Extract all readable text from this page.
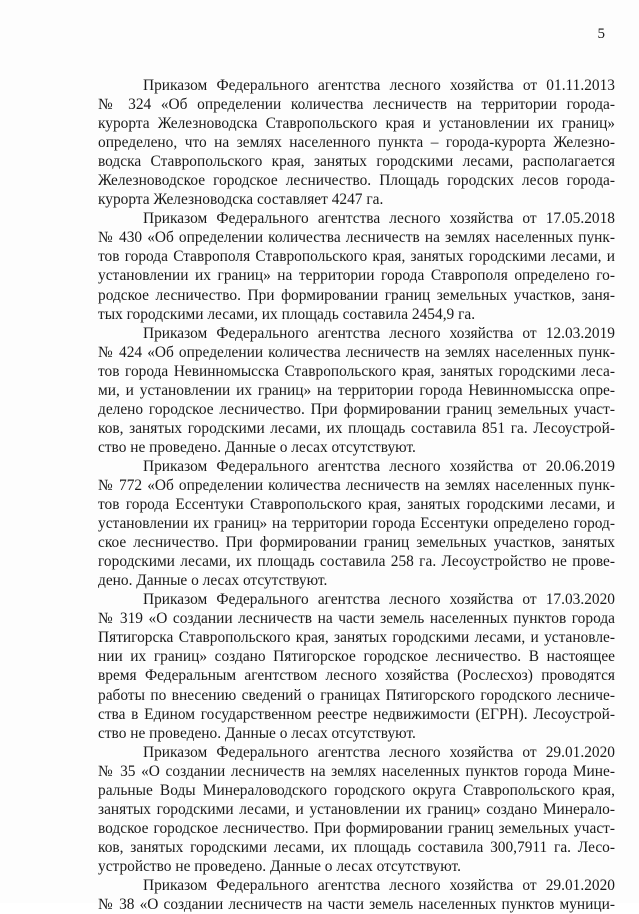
5
Приказом Федерального агентства лесного хозяйства от 01.11.2013
№ 324 «Об определении количества лесничеств на территории города-
курорта Железноводска Ставропольского края и установлении их границ»
определено, что на землях населенного пункта – города-курорта Железно-
водска Ставропольского края, занятых городскими лесами, располагается
Железноводское городское лесничество. Площадь городских лесов города-
курорта Железноводска составляет 4247 га.
Приказом Федерального агентства лесного хозяйства от 17.05.2018
№ 430 «Об определении количества лесничеств на землях населенных пунк-
тов города Ставрополя Ставропольского края, занятых городскими лесами, и
установлении их границ» на территории города Ставрополя определено го-
родское лесничество. При формировании границ земельных участков, заня-
тых городскими лесами, их площадь составила 2454,9 га.
Приказом Федерального агентства лесного хозяйства от 12.03.2019
№ 424 «Об определении количества лесничеств на землях населенных пунк-
тов города Невинномысска Ставропольского края, занятых городскими леса-
ми, и установлении их границ» на территории города Невинномысска опре-
делено городское лесничество. При формировании границ земельных участ-
ков, занятых городскими лесами, их площадь составила 851 га. Лесоустрой-
ство не проведено. Данные о лесах отсутствуют.
Приказом Федерального агентства лесного хозяйства от 20.06.2019
№ 772 «Об определении количества лесничеств на землях населенных пунк-
тов города Ессентуки Ставропольского края, занятых городскими лесами, и
установлении их границ» на территории города Ессентуки определено город-
ское лесничество. При формировании границ земельных участков, занятых
городскими лесами, их площадь составила 258 га. Лесоустройство не прове-
дено. Данные о лесах отсутствуют.
Приказом Федерального агентства лесного хозяйства от 17.03.2020
№ 319 «О создании лесничеств на части земель населенных пунктов города
Пятигорска Ставропольского края, занятых городскими лесами, и установле-
нии их границ» создано Пятигорское городское лесничество. В настоящее
время Федеральным агентством лесного хозяйства (Рослесхоз) проводятся
работы по внесению сведений о границах Пятигорского городского лесниче-
ства в Едином государственном реестре недвижимости (ЕГРН). Лесоустрой-
ство не проведено. Данные о лесах отсутствуют.
Приказом Федерального агентства лесного хозяйства от 29.01.2020
№ 35 «О создании лесничеств на землях населенных пунктов города Мине-
ральные Воды Минераловодского городского округа Ставропольского края,
занятых городскими лесами, и установлении их границ» создано Минерало-
водское городское лесничество. При формировании границ земельных участ-
ков, занятых городскими лесами, их площадь составила 300,7911 га. Лесо-
устройство не проведено. Данные о лесах отсутствуют.
Приказом Федерального агентства лесного хозяйства от 29.01.2020
№ 38 «О создании лесничеств на части земель населенных пунктов муници-
